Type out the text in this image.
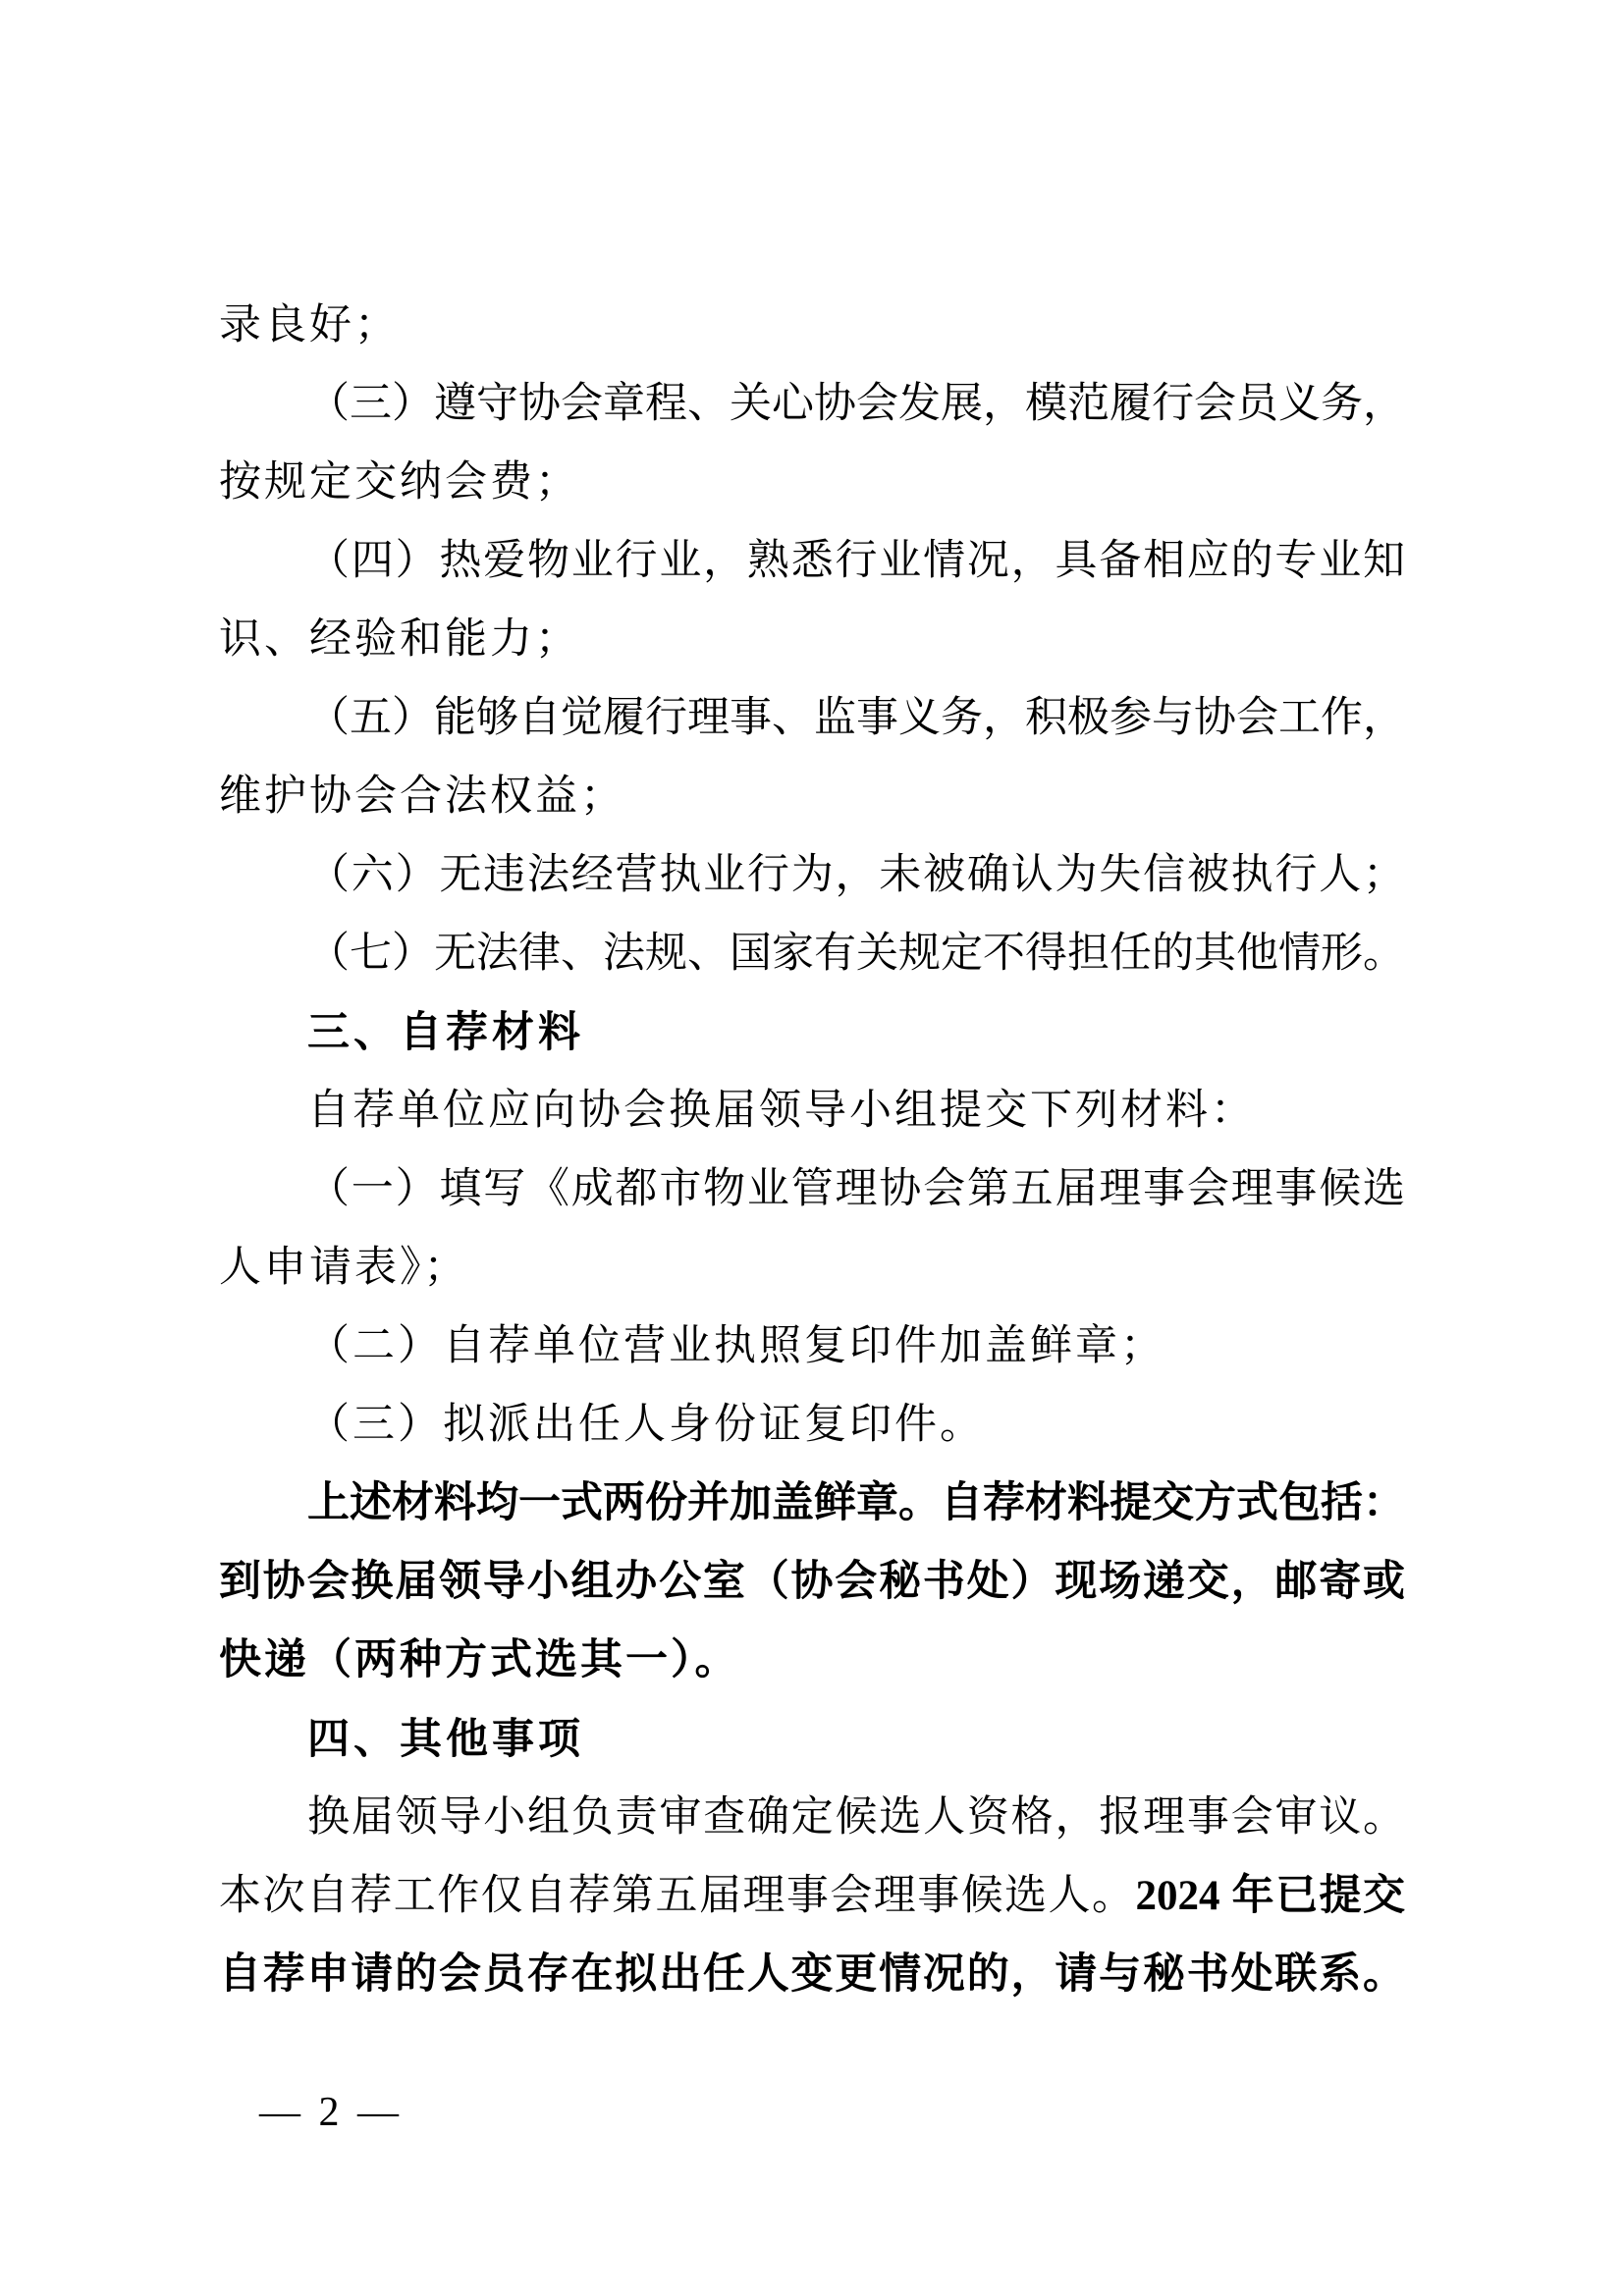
录良好；
（三）遵守协会章程、关心协会发展，模范履行会员义务，
按规定交纳会费；
（四）热爱物业行业，熟悉行业情况，具备相应的专业知
识、经验和能力；
（五）能够自觉履行理事、监事义务，积极参与协会工作，
维护协会合法权益；
（六）无违法经营执业行为，未被确认为失信被执行人；
（七）无法律、法规、国家有关规定不得担任的其他情形。
三、自荐材料
自荐单位应向协会换届领导小组提交下列材料：
（一）填写《成都市物业管理协会第五届理事会理事候选
人申请表》；
（二）自荐单位营业执照复印件加盖鲜章；
（三）拟派出任人身份证复印件。
上述材料均一式两份并加盖鲜章。自荐材料提交方式包括：
到协会换届领导小组办公室（协会秘书处）现场递交，邮寄或
快递（两种方式选其一）。
四、其他事项
换届领导小组负责审查确定候选人资格，报理事会审议。
本次自荐工作仅自荐第五届理事会理事候选人。2024 年已提交
自荐申请的会员存在拟出任人变更情况的，请与秘书处联系。
— 2 —
